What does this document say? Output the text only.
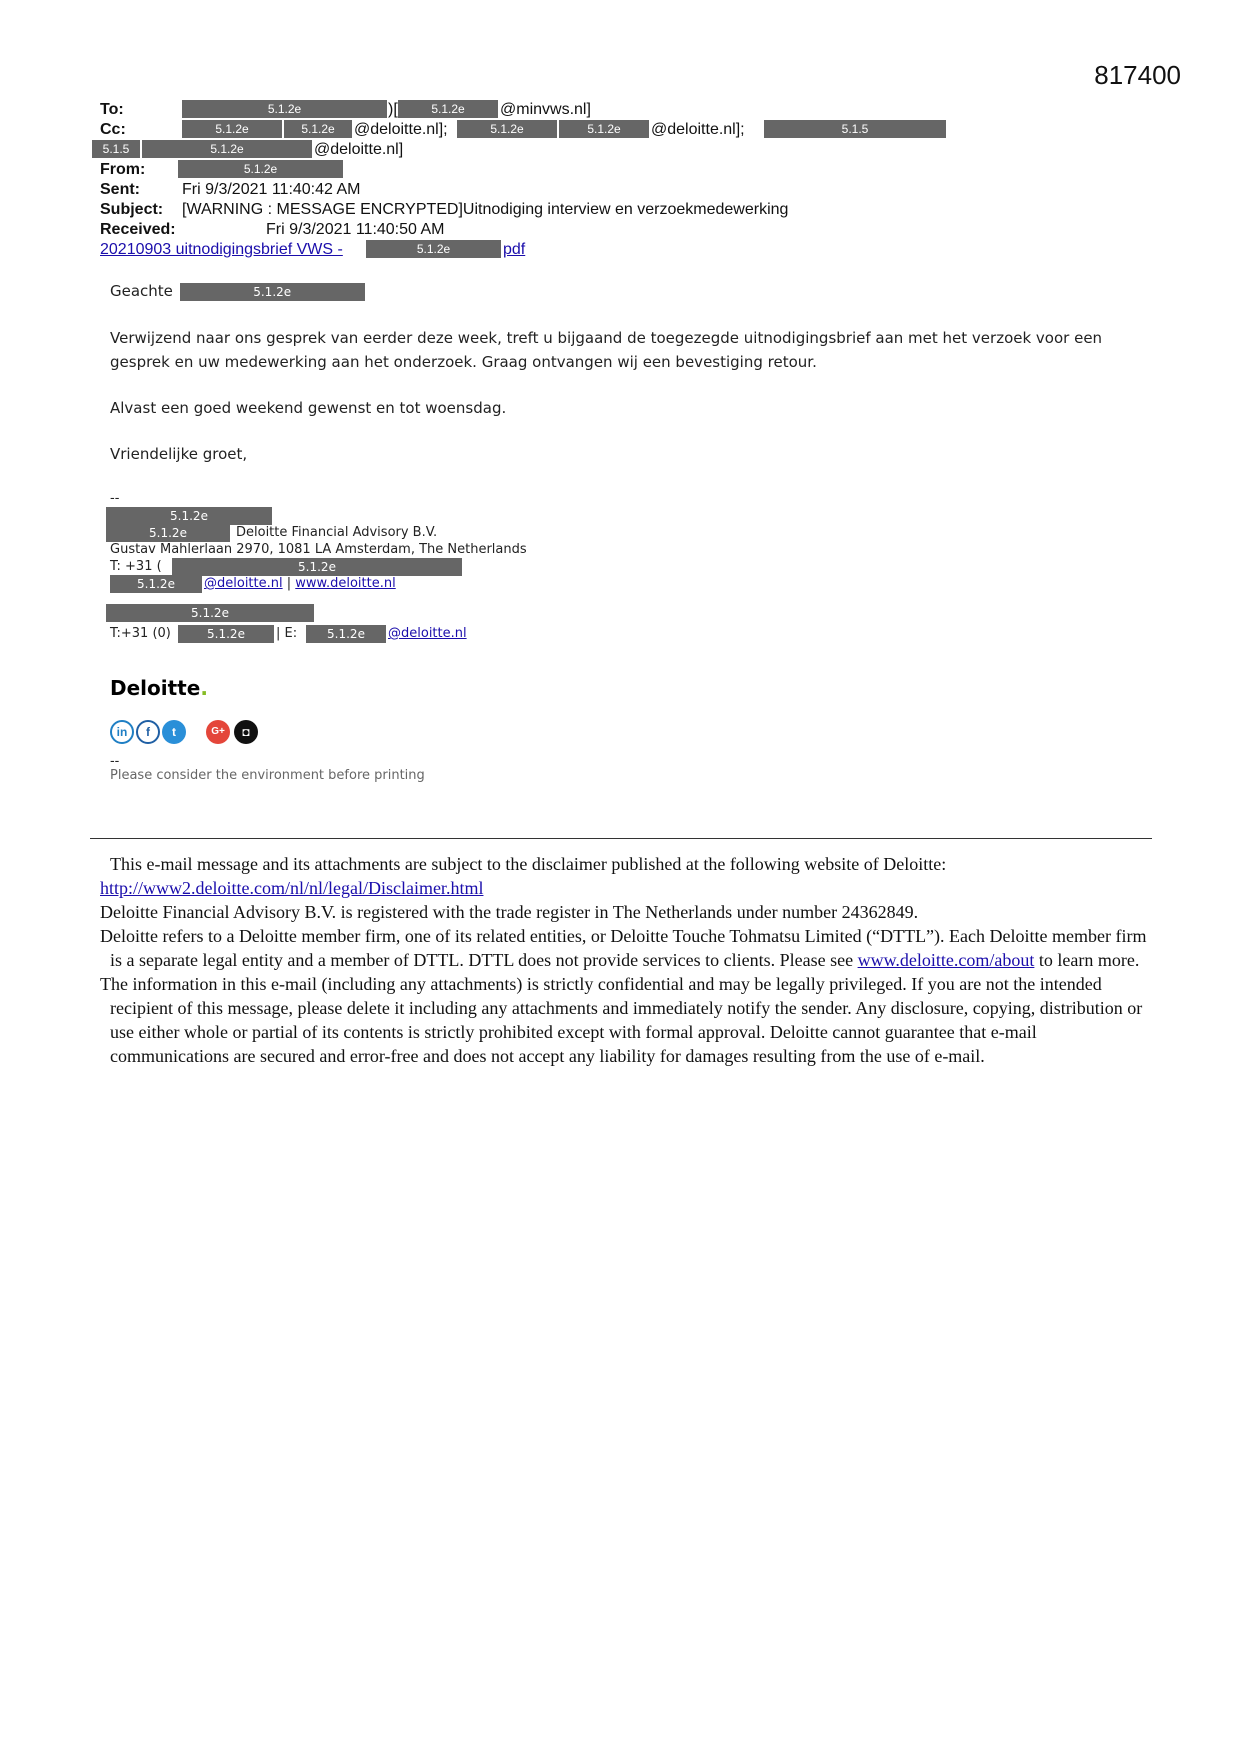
817400
To:	5.1.2e	)[	5.1.2e	@minvws.nl]
Cc:	5.1.2e	5.1.2e	@deloitte.nl];	5.1.2e	5.1.2e	@deloitte.nl];	5.1.5
5.1.5	5.1.2e	@deloitte.nl]
From:	5.1.2e
Sent:	Fri 9/3/2021 11:40:42 AM
Subject: [WARNING : MESSAGE ENCRYPTED]Uitnodiging interview en verzoekmedewerking
Received:	Fri 9/3/2021 11:40:50 AM
20210903 uitnodigingsbrief VWS -	5.1.2e	pdf
Geachte	5.1.2e

Verwijzend naar ons gesprek van eerder deze week, treft u bijgaand de toegezegde uitnodigingsbrief aan met het verzoek voor een gesprek en uw medewerking aan het onderzoek. Graag ontvangen wij een bevestiging retour.

Alvast een goed weekend gewenst en tot woensdag.

Vriendelijke groet,

--
5.1.2e
5.1.2e	Deloitte Financial Advisory B.V.
Gustav Mahlerlaan 2970, 1081 LA Amsterdam, The Netherlands
T: +31 (	5.1.2e
5.1.2e	@deloitte.nl | www.deloitte.nl
5.1.2e
T:+31 (0)	5.1.2e	| E:	5.1.2e	@deloitte.nl
Deloitte.
in	f	t	G+	◘
--
Please consider the environment before printing
This e-mail message and its attachments are subject to the disclaimer published at the following website of Deloitte:
http://www2.deloitte.com/nl/nl/legal/Disclaimer.html
Deloitte Financial Advisory B.V. is registered with the trade register in The Netherlands under number 24362849.
Deloitte refers to a Deloitte member firm, one of its related entities, or Deloitte Touche Tohmatsu Limited (“DTTL”). Each Deloitte member firm is a separate legal entity and a member of DTTL. DTTL does not provide services to clients. Please see www.deloitte.com/about to learn more.
The information in this e-mail (including any attachments) is strictly confidential and may be legally privileged. If you are not the intended recipient of this message, please delete it including any attachments and immediately notify the sender. Any disclosure, copying, distribution or use either whole or partial of its contents is strictly prohibited except with formal approval. Deloitte cannot guarantee that e-mail communications are secured and error-free and does not accept any liability for damages resulting from the use of e-mail.
